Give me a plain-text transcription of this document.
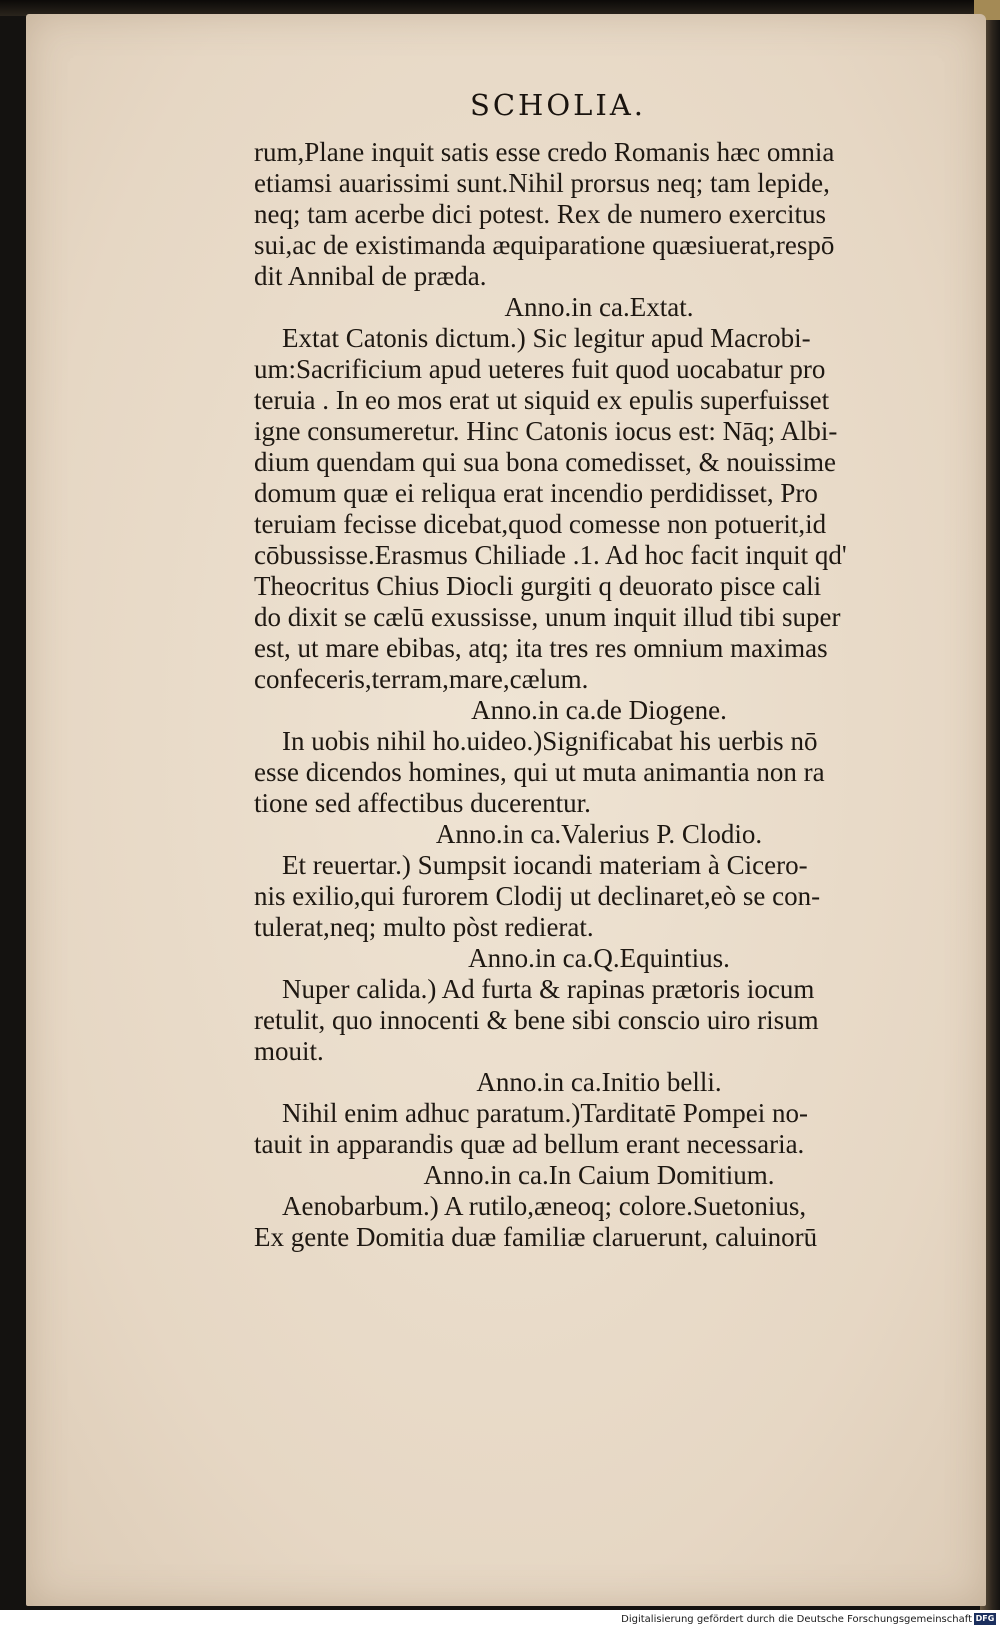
SCHOLIA.
rum,Plane inquit satis esse credo Romanis hæc omnia
etiamsi auarissimi sunt.Nihil prorsus neq; tam lepide,
neq; tam acerbe dici potest. Rex de numero exercitus
sui,ac de existimanda æquiparatione quæsiuerat,respō
dit Annibal de præda.
Anno.in ca.Extat.
Extat Catonis dictum.) Sic legitur apud Macrobi-
um:Sacrificium apud ueteres fuit quod uocabatur pro
teruia . In eo mos erat ut siquid ex epulis superfuisset
igne consumeretur. Hinc Catonis iocus est: Nāq; Albi-
dium quendam qui sua bona comedisset, & nouissime
domum quæ ei reliqua erat incendio perdidisset, Pro
teruiam fecisse dicebat,quod comesse non potuerit,id
cōbussisse.Erasmus Chiliade .1. Ad hoc facit inquit qd'
Theocritus Chius Diocli gurgiti q deuorato pisce cali
do dixit se cælū exussisse, unum inquit illud tibi super
est, ut mare ebibas, atq; ita tres res omnium maximas
confeceris,terram,mare,cælum.
Anno.in ca.de Diogene.
In uobis nihil ho.uideo.)Significabat his uerbis nō
esse dicendos homines, qui ut muta animantia non ra
tione sed affectibus ducerentur.
Anno.in ca.Valerius P. Clodio.
Et reuertar.) Sumpsit iocandi materiam à Cicero-
nis exilio,qui furorem Clodij ut declinaret,eò se con-
tulerat,neq; multo pòst redierat.
Anno.in ca.Q.Equintius.
Nuper calida.) Ad furta & rapinas prætoris iocum
retulit, quo innocenti & bene sibi conscio uiro risum
mouit.
Anno.in ca.Initio belli.
Nihil enim adhuc paratum.)Tarditatē Pompei no-
tauit in apparandis quæ ad bellum erant necessaria.
Anno.in ca.In Caium Domitium.
Aenobarbum.) A rutilo,æneoq; colore.Suetonius,
Ex gente Domitia duæ familiæ claruerunt, caluinorū
Digitalisierung gefördert durch die Deutsche Forschungsgemeinschaft DFG
